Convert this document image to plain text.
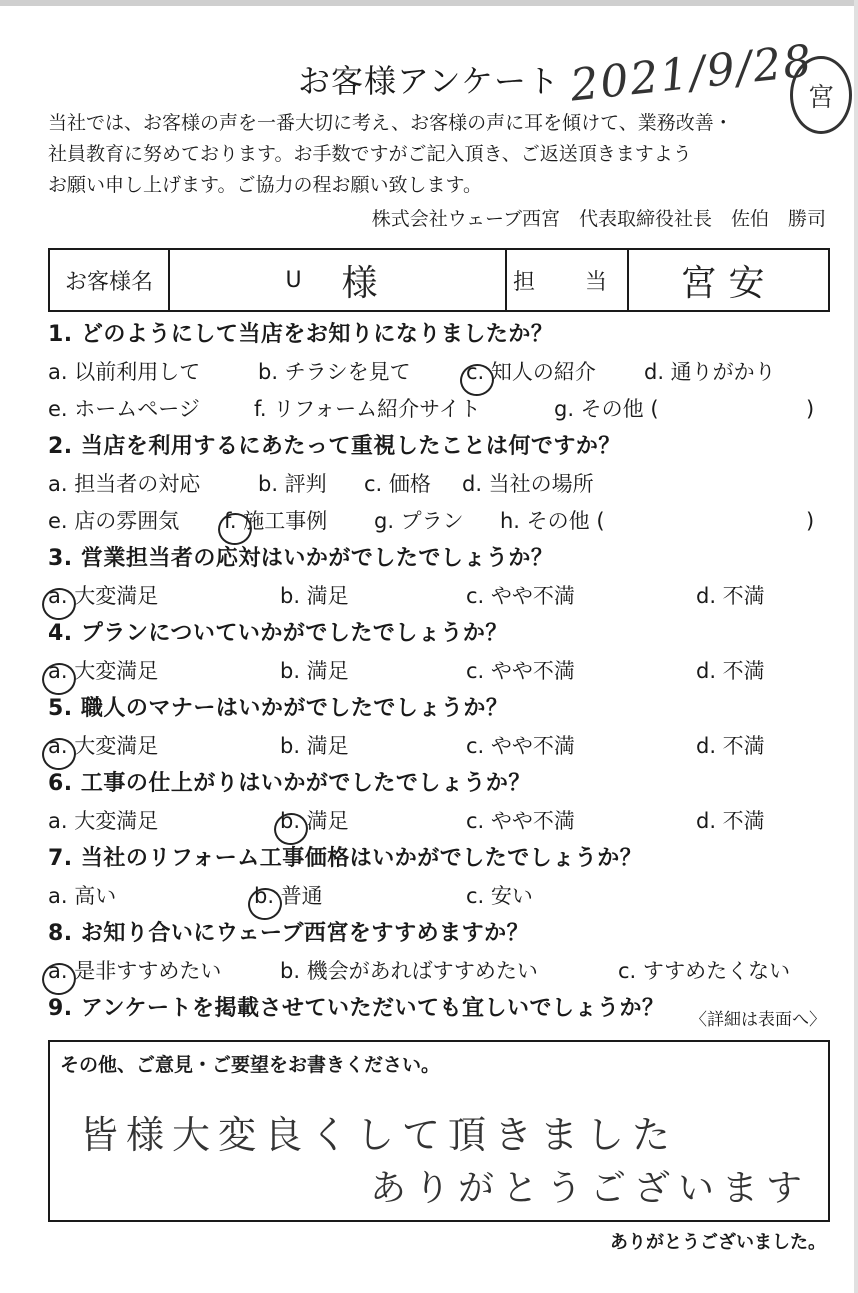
お客様アンケート 2021/9/28
宮
当社では、お客様の声を一番大切に考え、お客様の声に耳を傾けて、業務改善・
社員教育に努めております。お手数ですがご記入頂き、ご返送頂きますよう
お願い申し上げます。ご協力の程お願い致します。
株式会社ウェーブ西宮　代表取締役社長　佐伯　勝司
お客様名	U 様	担　当 宮安
1. どのようにして当店をお知りになりましたか？
a. 以前利用して	b. チラシを見て	c. 知人の紹介 d. 通りがかり
e. ホームページ	f. リフォーム紹介サイト	g. その他 (	)
2. 当店を利用するにあたって重視したことは何ですか？
a. 担当者の対応	b. 評判 c. 価格 d. 当社の場所
e. 店の雰囲気 f. 施工事例 g. プラン h. その他 (	)
3. 営業担当者の応対はいかがでしたでしょうか？
a. 大変満足	b. 満足	c. やや不満	d. 不満
4. プランについていかがでしたでしょうか？
a. 大変満足	b. 満足	c. やや不満	d. 不満
5. 職人のマナーはいかがでしたでしょうか？
a. 大変満足	b. 満足	c. やや不満	d. 不満
6. 工事の仕上がりはいかがでしたでしょうか？
a. 大変満足	b. 満足	c. やや不満	d. 不満
7. 当社のリフォーム工事価格はいかがでしたでしょうか？
a. 高い	b. 普通	c. 安い
8. お知り合いにウェーブ西宮をすすめますか？
a. 是非すすめたい	b. 機会があればすすめたい	c. すすめたくない
9. アンケートを掲載させていただいても宜しいでしょうか？	〈詳細は表面へ〉
その他、ご意見・ご要望をお書きください。
皆様大変良くして頂きました
ありがとうございます
ありがとうございました。
